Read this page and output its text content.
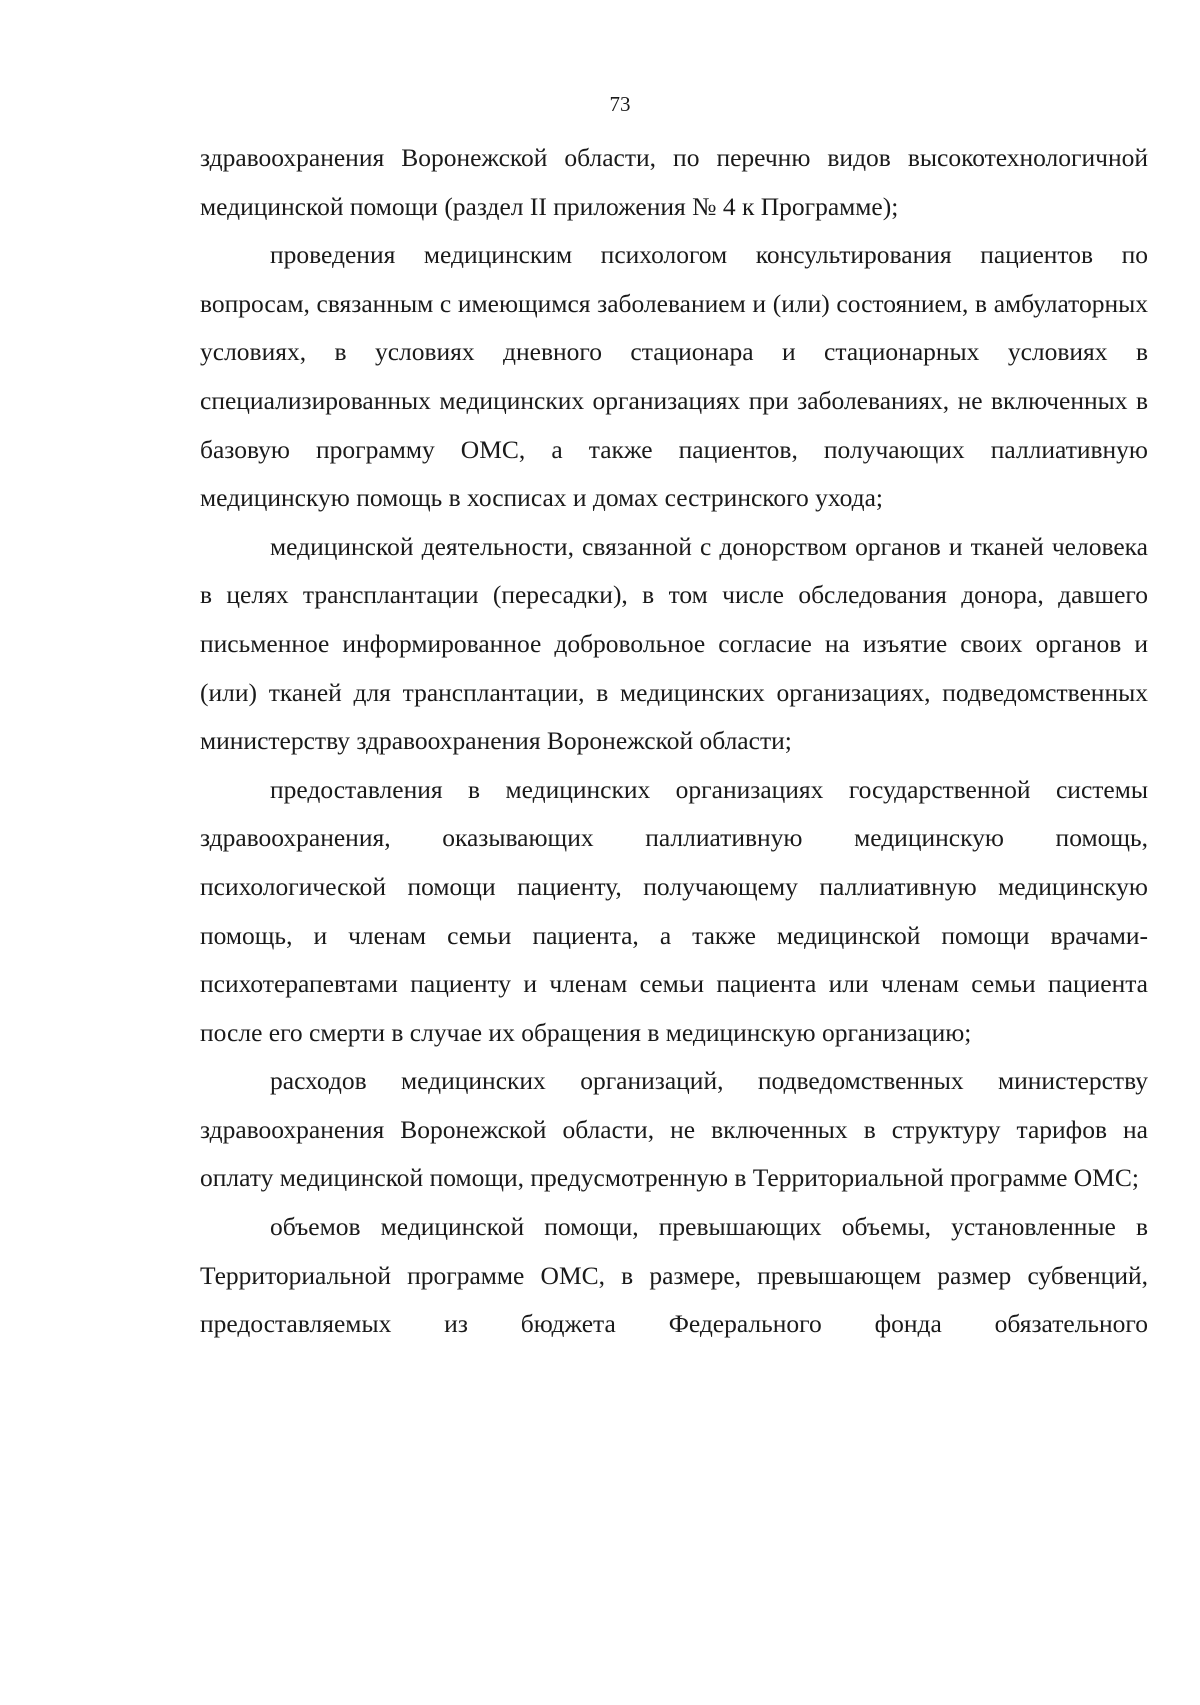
73

здравоохранения Воронежской области, по перечню видов высокотехнологичной медицинской помощи (раздел II приложения № 4 к Программе);

проведения медицинским психологом консультирования пациентов по вопросам, связанным с имеющимся заболеванием и (или) состоянием, в амбулаторных условиях, в условиях дневного стационара и стационарных условиях в специализированных медицинских организациях при заболеваниях, не включенных в базовую программу ОМС, а также пациентов, получающих паллиативную медицинскую помощь в хосписах и домах сестринского ухода;

медицинской деятельности, связанной с донорством органов и тканей человека в целях трансплантации (пересадки), в том числе обследования донора, давшего письменное информированное добровольное согласие на изъятие своих органов и (или) тканей для трансплантации, в медицинских организациях, подведомственных министерству здравоохранения Воронежской области;

предоставления в медицинских организациях государственной системы здравоохранения, оказывающих паллиативную медицинскую помощь, психологической помощи пациенту, получающему паллиативную медицинскую помощь, и членам семьи пациента, а также медицинской помощи врачами-психотерапевтами пациенту и членам семьи пациента или членам семьи пациента после его смерти в случае их обращения в медицинскую организацию;

расходов медицинских организаций, подведомственных министерству здравоохранения Воронежской области, не включенных в структуру тарифов на оплату медицинской помощи, предусмотренную в Территориальной программе ОМС;

объемов медицинской помощи, превышающих объемы, установленные в Территориальной программе ОМС, в размере, превышающем размер субвенций, предоставляемых из бюджета Федерального фонда обязательного
